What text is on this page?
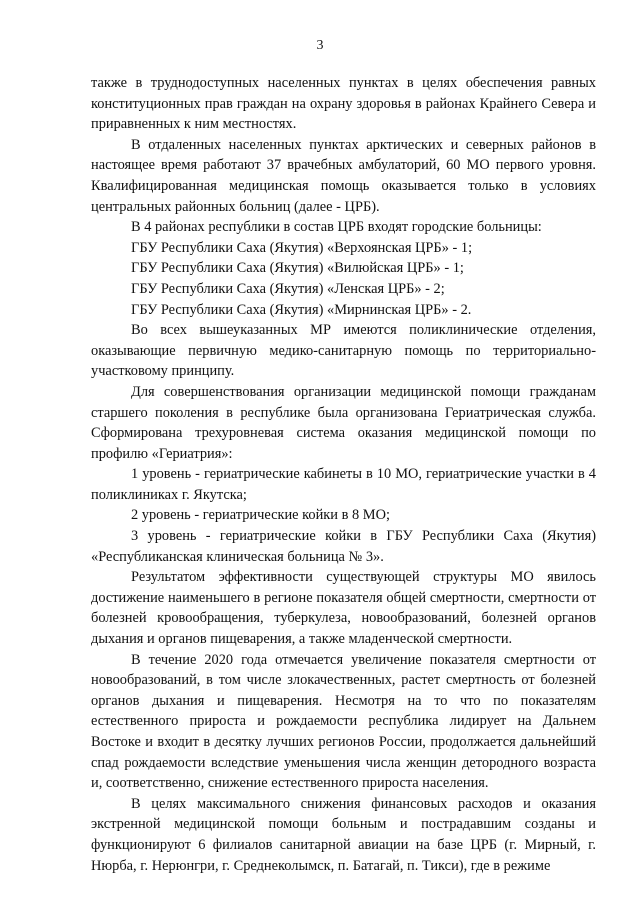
3

также в труднодоступных населенных пунктах в целях обеспечения равных конституционных прав граждан на охрану здоровья в районах Крайнего Севера и приравненных к ним местностях.

В отдаленных населенных пунктах арктических и северных районов в настоящее время работают 37 врачебных амбулаторий, 60 МО первого уровня. Квалифицированная медицинская помощь оказывается только в условиях центральных районных больниц (далее - ЦРБ).

В 4 районах республики в состав ЦРБ входят городские больницы:

ГБУ Республики Саха (Якутия) «Верхоянская ЦРБ» - 1;

ГБУ Республики Саха (Якутия) «Вилюйская ЦРБ» - 1;

ГБУ Республики Саха (Якутия) «Ленская ЦРБ» - 2;

ГБУ Республики Саха (Якутия) «Мирнинская ЦРБ» - 2.

Во всех вышеуказанных МР имеются поликлинические отделения, оказывающие первичную медико-санитарную помощь по территориально-участковому принципу.

Для совершенствования организации медицинской помощи гражданам старшего поколения в республике была организована Гериатрическая служба. Сформирована трехуровневая система оказания медицинской помощи по профилю «Гериатрия»:

1 уровень - гериатрические кабинеты в 10 МО, гериатрические участки в 4 поликлиниках г. Якутска;

2 уровень - гериатрические койки в 8 МО;

3 уровень - гериатрические койки в ГБУ Республики Саха (Якутия) «Республиканская клиническая больница № 3».

Результатом эффективности существующей структуры МО явилось достижение наименьшего в регионе показателя общей смертности, смертности от болезней кровообращения, туберкулеза, новообразований, болезней органов дыхания и органов пищеварения, а также младенческой смертности.

В течение 2020 года отмечается увеличение показателя смертности от новообразований, в том числе злокачественных, растет смертность от болезней органов дыхания и пищеварения. Несмотря на то что по показателям естественного прироста и рождаемости республика лидирует на Дальнем Востоке и входит в десятку лучших регионов России, продолжается дальнейший спад рождаемости вследствие уменьшения числа женщин детородного возраста и, соответственно, снижение естественного прироста населения.

В целях максимального снижения финансовых расходов и оказания экстренной медицинской помощи больным и пострадавшим созданы и функционируют 6 филиалов санитарной авиации на базе ЦРБ (г. Мирный, г. Нюрба, г. Нерюнгри, г. Среднеколымск, п. Батагай, п. Тикси), где в режиме
